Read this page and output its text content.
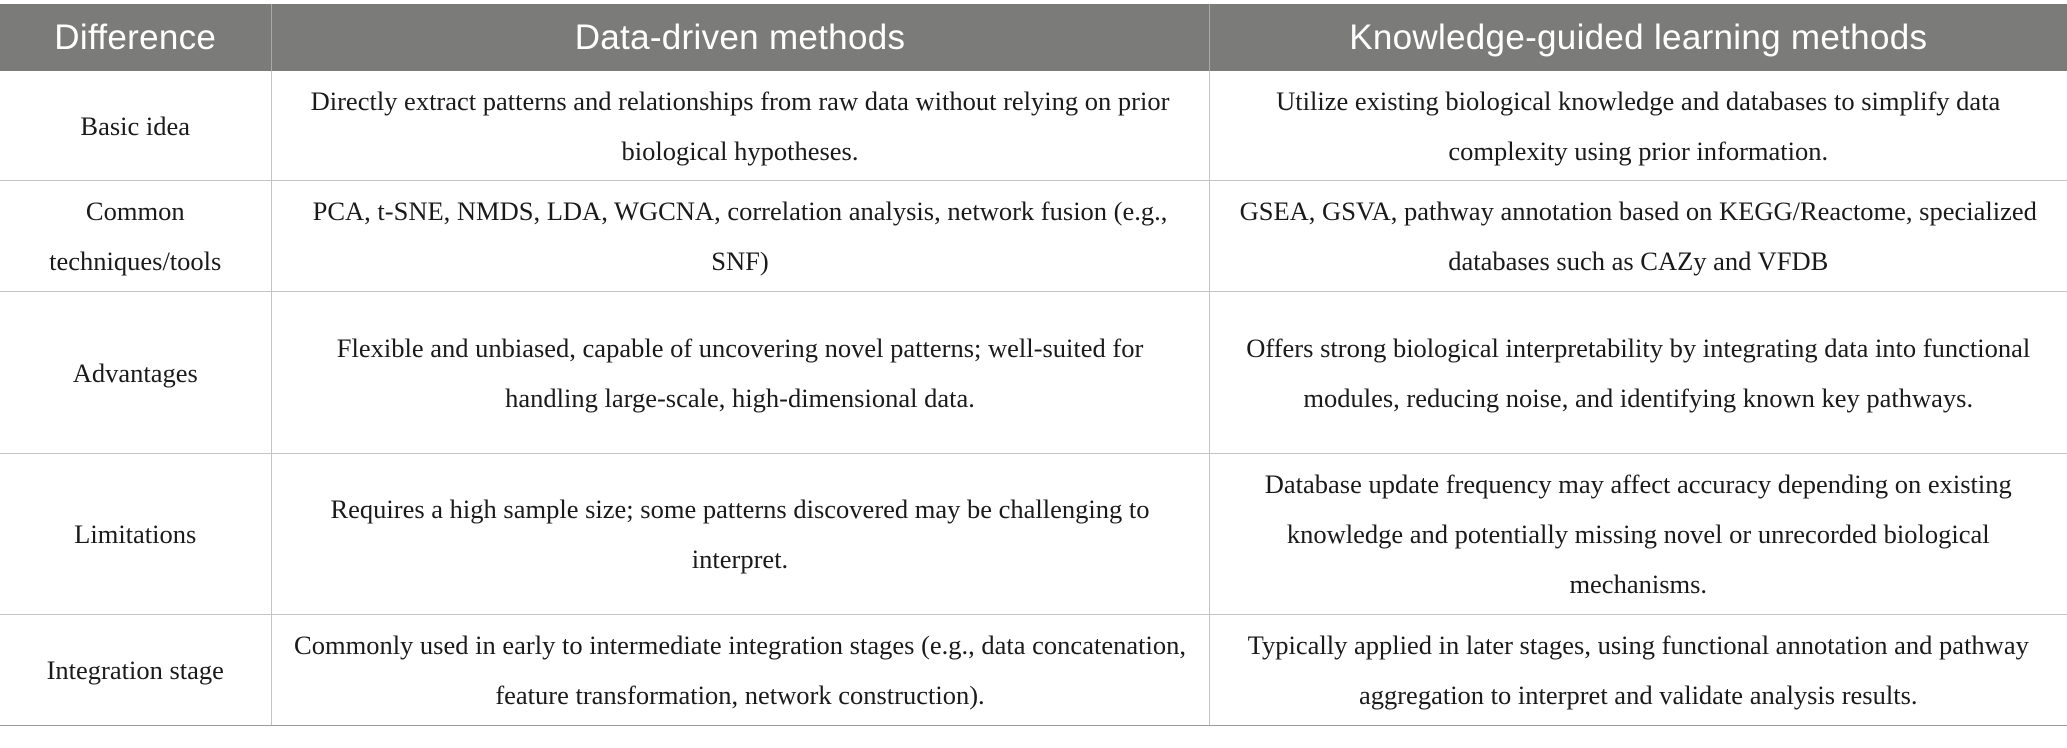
Difference	Data-driven methods	Knowledge-guided learning methods
Basic idea	Directly extract patterns and relationships from raw data without relying on prior biological hypotheses.	Utilize existing biological knowledge and databases to simplify data complexity using prior information.
Common techniques/tools	PCA, t-SNE, NMDS, LDA, WGCNA, correlation analysis, network fusion (e.g., SNF)	GSEA, GSVA, pathway annotation based on KEGG/Reactome, specialized databases such as CAZy and VFDB
Advantages	Flexible and unbiased, capable of uncovering novel patterns; well-suited for handling large-scale, high-dimensional data.	Offers strong biological interpretability by integrating data into functional modules, reducing noise, and identifying known key pathways.
Limitations	Requires a high sample size; some patterns discovered may be challenging to interpret.	Database update frequency may affect accuracy depending on existing knowledge and potentially missing novel or unrecorded biological mechanisms.
Integration stage	Commonly used in early to intermediate integration stages (e.g., data concatenation, feature transformation, network construction).	Typically applied in later stages, using functional annotation and pathway aggregation to interpret and validate analysis results.
